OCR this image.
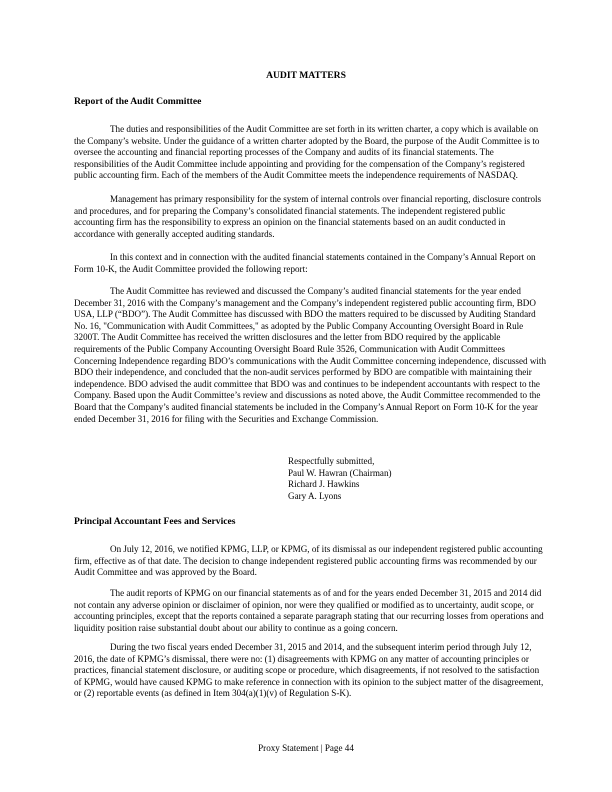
AUDIT MATTERS
Report of the Audit Committee

The duties and responsibilities of the Audit Committee are set forth in its written charter, a copy which is available on the Company’s website. Under the guidance of a written charter adopted by the Board, the purpose of the Audit Committee is to oversee the accounting and financial reporting processes of the Company and audits of its financial statements. The responsibilities of the Audit Committee include appointing and providing for the compensation of the Company’s registered public accounting firm. Each of the members of the Audit Committee meets the independence requirements of NASDAQ.

Management has primary responsibility for the system of internal controls over financial reporting, disclosure controls and procedures, and for preparing the Company’s consolidated financial statements. The independent registered public accounting firm has the responsibility to express an opinion on the financial statements based on an audit conducted in accordance with generally accepted auditing standards.

In this context and in connection with the audited financial statements contained in the Company’s Annual Report on Form 10-K, the Audit Committee provided the following report:

The Audit Committee has reviewed and discussed the Company’s audited financial statements for the year ended December 31, 2016 with the Company’s management and the Company’s independent registered public accounting firm, BDO USA, LLP (“BDO”). The Audit Committee has discussed with BDO the matters required to be discussed by Auditing Standard No. 16, "Communication with Audit Committees," as adopted by the Public Company Accounting Oversight Board in Rule 3200T. The Audit Committee has received the written disclosures and the letter from BDO required by the applicable requirements of the Public Company Accounting Oversight Board Rule 3526, Communication with Audit Committees Concerning Independence regarding BDO’s communications with the Audit Committee concerning independence, discussed with BDO their independence, and concluded that the non-audit services performed by BDO are compatible with maintaining their independence. BDO advised the audit committee that BDO was and continues to be independent accountants with respect to the Company. Based upon the Audit Committee’s review and discussions as noted above, the Audit Committee recommended to the Board that the Company’s audited financial statements be included in the Company’s Annual Report on Form 10-K for the year ended December 31, 2016 for filing with the Securities and Exchange Commission.

Respectfully submitted,
Paul W. Hawran (Chairman)
Richard J. Hawkins
Gary A. Lyons
Principal Accountant Fees and Services

On July 12, 2016, we notified KPMG, LLP, or KPMG, of its dismissal as our independent registered public accounting firm, effective as of that date. The decision to change independent registered public accounting firms was recommended by our Audit Committee and was approved by the Board.

The audit reports of KPMG on our financial statements as of and for the years ended December 31, 2015 and 2014 did not contain any adverse opinion or disclaimer of opinion, nor were they qualified or modified as to uncertainty, audit scope, or accounting principles, except that the reports contained a separate paragraph stating that our recurring losses from operations and liquidity position raise substantial doubt about our ability to continue as a going concern.

During the two fiscal years ended December 31, 2015 and 2014, and the subsequent interim period through July 12, 2016, the date of KPMG’s dismissal, there were no: (1) disagreements with KPMG on any matter of accounting principles or practices, financial statement disclosure, or auditing scope or procedure, which disagreements, if not resolved to the satisfaction of KPMG, would have caused KPMG to make reference in connection with its opinion to the subject matter of the disagreement, or (2) reportable events (as defined in Item 304(a)(1)(v) of Regulation S-K).

Proxy Statement | Page 44
